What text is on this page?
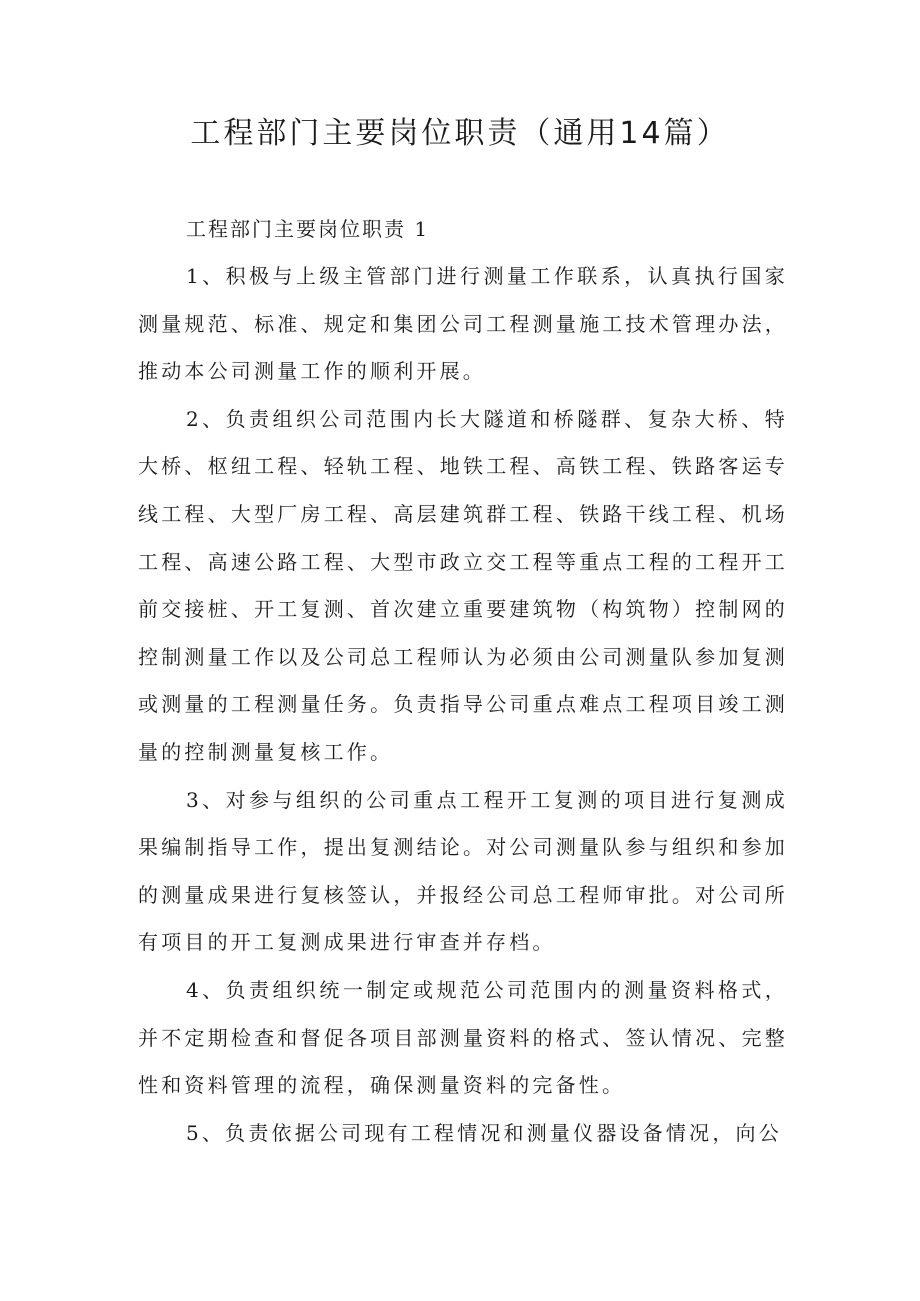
工程部门主要岗位职责（通用14篇）

工程部门主要岗位职责 1

1、积极与上级主管部门进行测量工作联系，认真执行国家测量规范、标准、规定和集团公司工程测量施工技术管理办法，推动本公司测量工作的顺利开展。

2、负责组织公司范围内长大隧道和桥隧群、复杂大桥、特大桥、枢纽工程、轻轨工程、地铁工程、高铁工程、铁路客运专线工程、大型厂房工程、高层建筑群工程、铁路干线工程、机场工程、高速公路工程、大型市政立交工程等重点工程的工程开工前交接桩、开工复测、首次建立重要建筑物（构筑物）控制网的控制测量工作以及公司总工程师认为必须由公司测量队参加复测或测量的工程测量任务。负责指导公司重点难点工程项目竣工测量的控制测量复核工作。

3、对参与组织的公司重点工程开工复测的项目进行复测成果编制指导工作，提出复测结论。对公司测量队参与组织和参加的测量成果进行复核签认，并报经公司总工程师审批。对公司所有项目的开工复测成果进行审查并存档。

4、负责组织统一制定或规范公司范围内的测量资料格式，并不定期检查和督促各项目部测量资料的格式、签认情况、完整性和资料管理的流程，确保测量资料的完备性。

5、负责依据公司现有工程情况和测量仪器设备情况，向公
